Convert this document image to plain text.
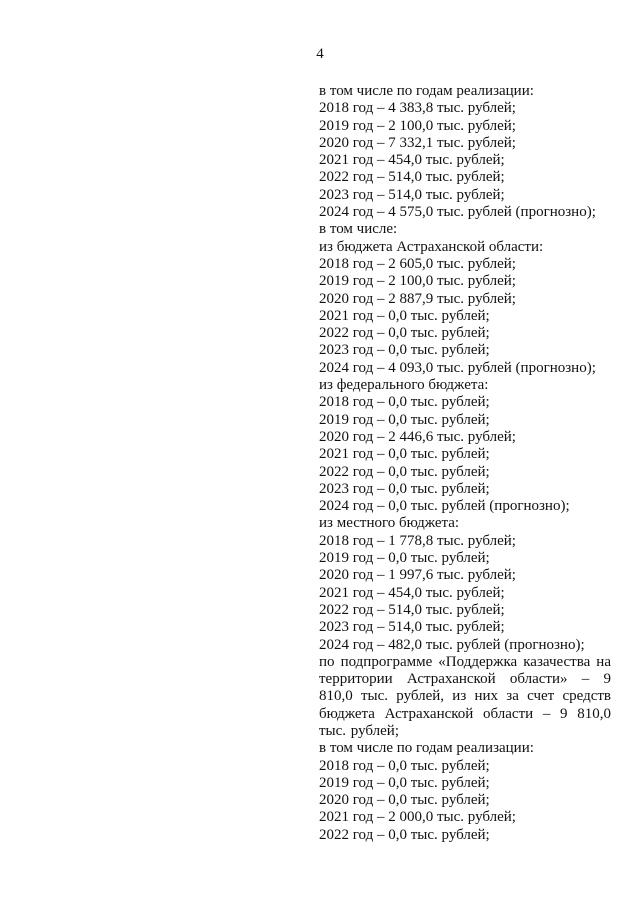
4
в том числе по годам реализации:
2018 год – 4 383,8 тыс. рублей;
2019 год – 2 100,0 тыс. рублей;
2020 год – 7 332,1 тыс. рублей;
2021 год – 454,0 тыс. рублей;
2022 год – 514,0 тыс. рублей;
2023 год – 514,0 тыс. рублей;
2024 год – 4 575,0 тыс. рублей (прогнозно);
в том числе:
из бюджета Астраханской области:
2018 год – 2 605,0 тыс. рублей;
2019 год – 2 100,0 тыс. рублей;
2020 год – 2 887,9 тыс. рублей;
2021 год – 0,0 тыс. рублей;
2022 год – 0,0 тыс. рублей;
2023 год – 0,0 тыс. рублей;
2024 год – 4 093,0 тыс. рублей (прогнозно);
из федерального бюджета:
2018 год – 0,0 тыс. рублей;
2019 год – 0,0 тыс. рублей;
2020 год – 2 446,6 тыс. рублей;
2021 год – 0,0 тыс. рублей;
2022 год – 0,0 тыс. рублей;
2023 год – 0,0 тыс. рублей;
2024 год – 0,0 тыс. рублей (прогнозно);
из местного бюджета:
2018 год – 1 778,8 тыс. рублей;
2019 год – 0,0 тыс. рублей;
2020 год – 1 997,6 тыс. рублей;
2021 год – 454,0 тыс. рублей;
2022 год – 514,0 тыс. рублей;
2023 год – 514,0 тыс. рублей;
2024 год – 482,0 тыс. рублей (прогнозно);
по подпрограмме «Поддержка казачества на территории Астраханской области» – 9 810,0 тыс. рублей, из них за счет средств бюджета Астраханской области – 9 810,0 тыс. рублей;
в том числе по годам реализации:
2018 год – 0,0 тыс. рублей;
2019 год – 0,0 тыс. рублей;
2020 год – 0,0 тыс. рублей;
2021 год – 2 000,0 тыс. рублей;
2022 год – 0,0 тыс. рублей;
